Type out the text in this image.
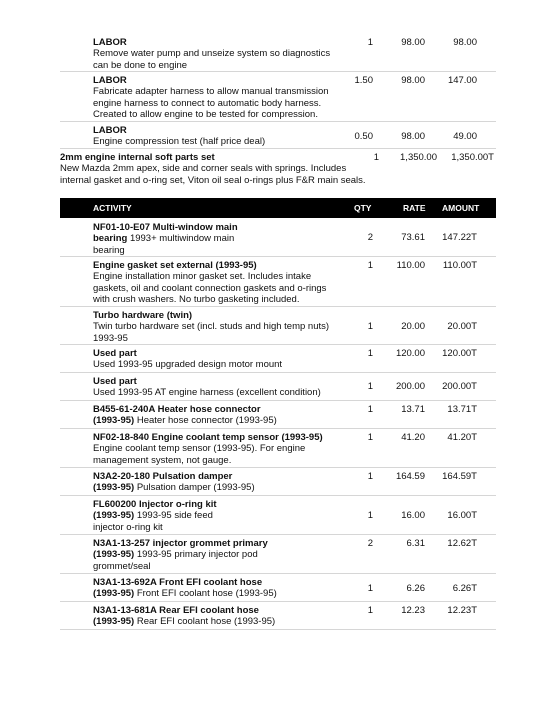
LABOR
Remove water pump and unseize system so diagnostics
can be done to engine
1	98.00	98.00
LABOR
Fabricate adapter harness to allow manual transmission
engine harness to connect to automatic body harness.
Created to allow engine to be tested for compression.
1.50	98.00	147.00
LABOR
Engine compression test (half price deal)	0.50	98.00	49.00
2mm engine internal soft parts set
New Mazda 2mm apex, side and corner seals with springs. Includes
internal gasket and o-ring set, Viton oil seal o-rings plus F&R main seals.
1	1,350.00	1,350.00T
ACTIVITY	QTY	RATE AMOUNT
NF01-10-E07 Multi-window main
bearing 1993+ multiwindow main
bearing
2	73.61	147.22T
Engine gasket set external (1993-95)
Engine installation minor gasket set. Includes intake
gaskets, oil and coolant connection gaskets and o-rings
with crush washers. No turbo gasketing included.
1	110.00	110.00T
Turbo hardware (twin)
Twin turbo hardware set (incl. studs and high temp nuts)
1993-95
1	20.00	20.00T
Used part
Used 1993-95 upgraded design motor mount
1	120.00	120.00T
Used part
Used 1993-95 AT engine harness (excellent condition)
1	200.00	200.00T
B455-61-240A Heater hose connector
(1993-95) Heater hose connector (1993-95)
1	13.71	13.71T
NF02-18-840 Engine coolant temp sensor (1993-95)
Engine coolant temp sensor (1993-95). For engine
management system, not gauge.
1	41.20	41.20T
N3A2-20-180 Pulsation damper
(1993-95) Pulsation damper (1993-95)
1	164.59	164.59T
FL600200 Injector o-ring kit
(1993-95) 1993-95 side feed
injector o-ring kit
1	16.00	16.00T
N3A1-13-257 injector grommet primary
(1993-95) 1993-95 primary injector pod
grommet/seal
2	6.31	12.62T
N3A1-13-692A Front EFI coolant hose
(1993-95) Front EFI coolant hose (1993-95)	1	6.26	6.26T
N3A1-13-681A Rear EFI coolant hose
(1993-95) Rear EFI coolant hose (1993-95)
1	12.23	12.23T
